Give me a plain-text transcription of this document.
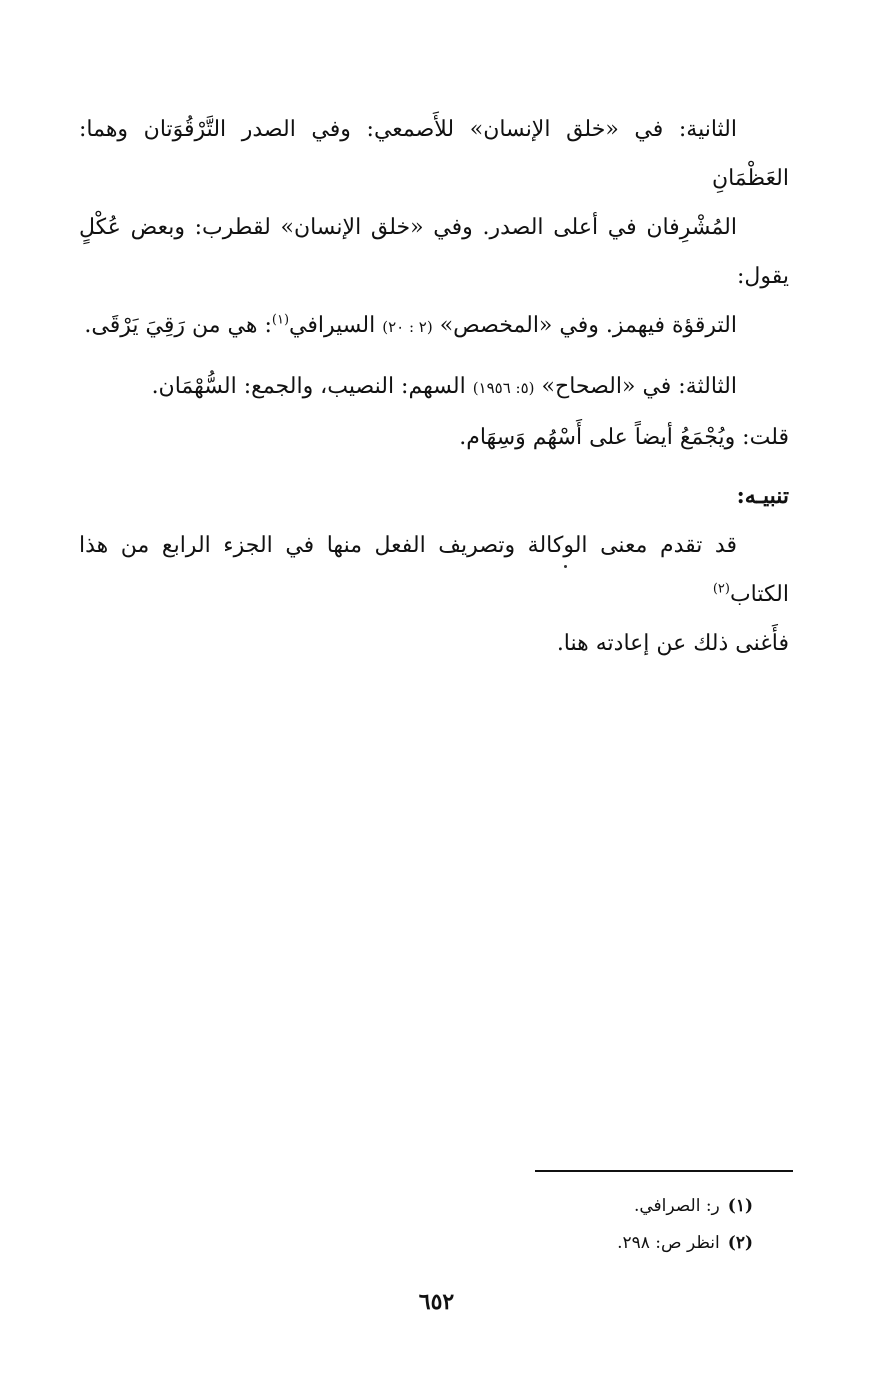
الثانية: في «خلق الإنسان» للأَصمعي: وفي الصدر التَّرْقُوَتان وهما: العَظْمَانِ
المُشْرِفان في أعلى الصدر. وفي «خلق الإنسان» لقطرب: وبعض عُكْلٍ يقول:
الترقؤة فيهمز. وفي «المخصص» (٢ : ٢٠) السيرافي$^{(١)}$: هي من رَقِيَ يَرْقَى.

الثالثة: في «الصحاح» (٥: ١٩٥٦) السهم: النصيب، والجمع: السُّهْمَان.
قلت: ويُجْمَعُ أيضاً على أَسْهُم وَسِهَام.

تنبيـه:

قد تقدم معنى الوكالة وتصريف الفعل منها في الجزء الرابع من هذا الكتاب$^{(٢)}$
فأَغنى ذلك عن إعادته هنا.

(١)ر: الصرافي.

(٢)انظر ص: ٢٩٨.

٦٥٢
